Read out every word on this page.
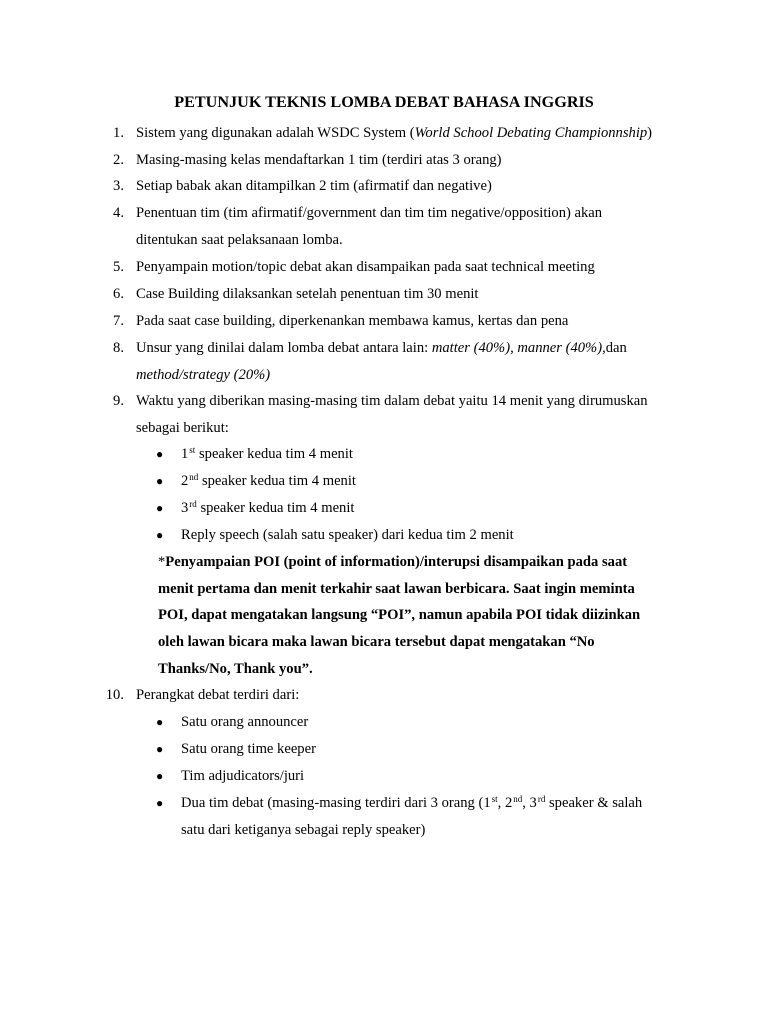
PETUNJUK TEKNIS LOMBA DEBAT BAHASA INGGRIS
1. Sistem yang digunakan adalah WSDC System (World School Debating Championnship)
2. Masing-masing kelas mendaftarkan 1 tim (terdiri atas 3 orang)
3. Setiap babak akan ditampilkan 2 tim (afirmatif dan negative)
4. Penentuan tim (tim afirmatif/government dan tim tim negative/opposition) akan
ditentukan saat pelaksanaan lomba.
5. Penyampain motion/topic debat akan disampaikan pada saat technical meeting
6. Case Building dilaksankan setelah penentuan tim 30 menit
7. Pada saat case building, diperkenankan membawa kamus, kertas dan pena
8. Unsur yang dinilai dalam lomba debat antara lain: matter (40%), manner (40%),dan
method/strategy (20%)
9. Waktu yang diberikan masing-masing tim dalam debat yaitu 14 menit yang dirumuskan
sebagai berikut:
● 1st speaker kedua tim 4 menit
● 2nd speaker kedua tim 4 menit
● 3rd speaker kedua tim 4 menit
● Reply speech (salah satu speaker) dari kedua tim 2 menit
*Penyampaian POI (point of information)/interupsi disampaikan pada saat
menit pertama dan menit terkahir saat lawan berbicara. Saat ingin meminta
POI, dapat mengatakan langsung “POI”, namun apabila POI tidak diizinkan
oleh lawan bicara maka lawan bicara tersebut dapat mengatakan “No
Thanks/No, Thank you”.
10. Perangkat debat terdiri dari:
● Satu orang announcer
● Satu orang time keeper
● Tim adjudicators/juri
● Dua tim debat (masing-masing terdiri dari 3 orang (1st, 2nd, 3rd speaker & salah
satu dari ketiganya sebagai reply speaker)
